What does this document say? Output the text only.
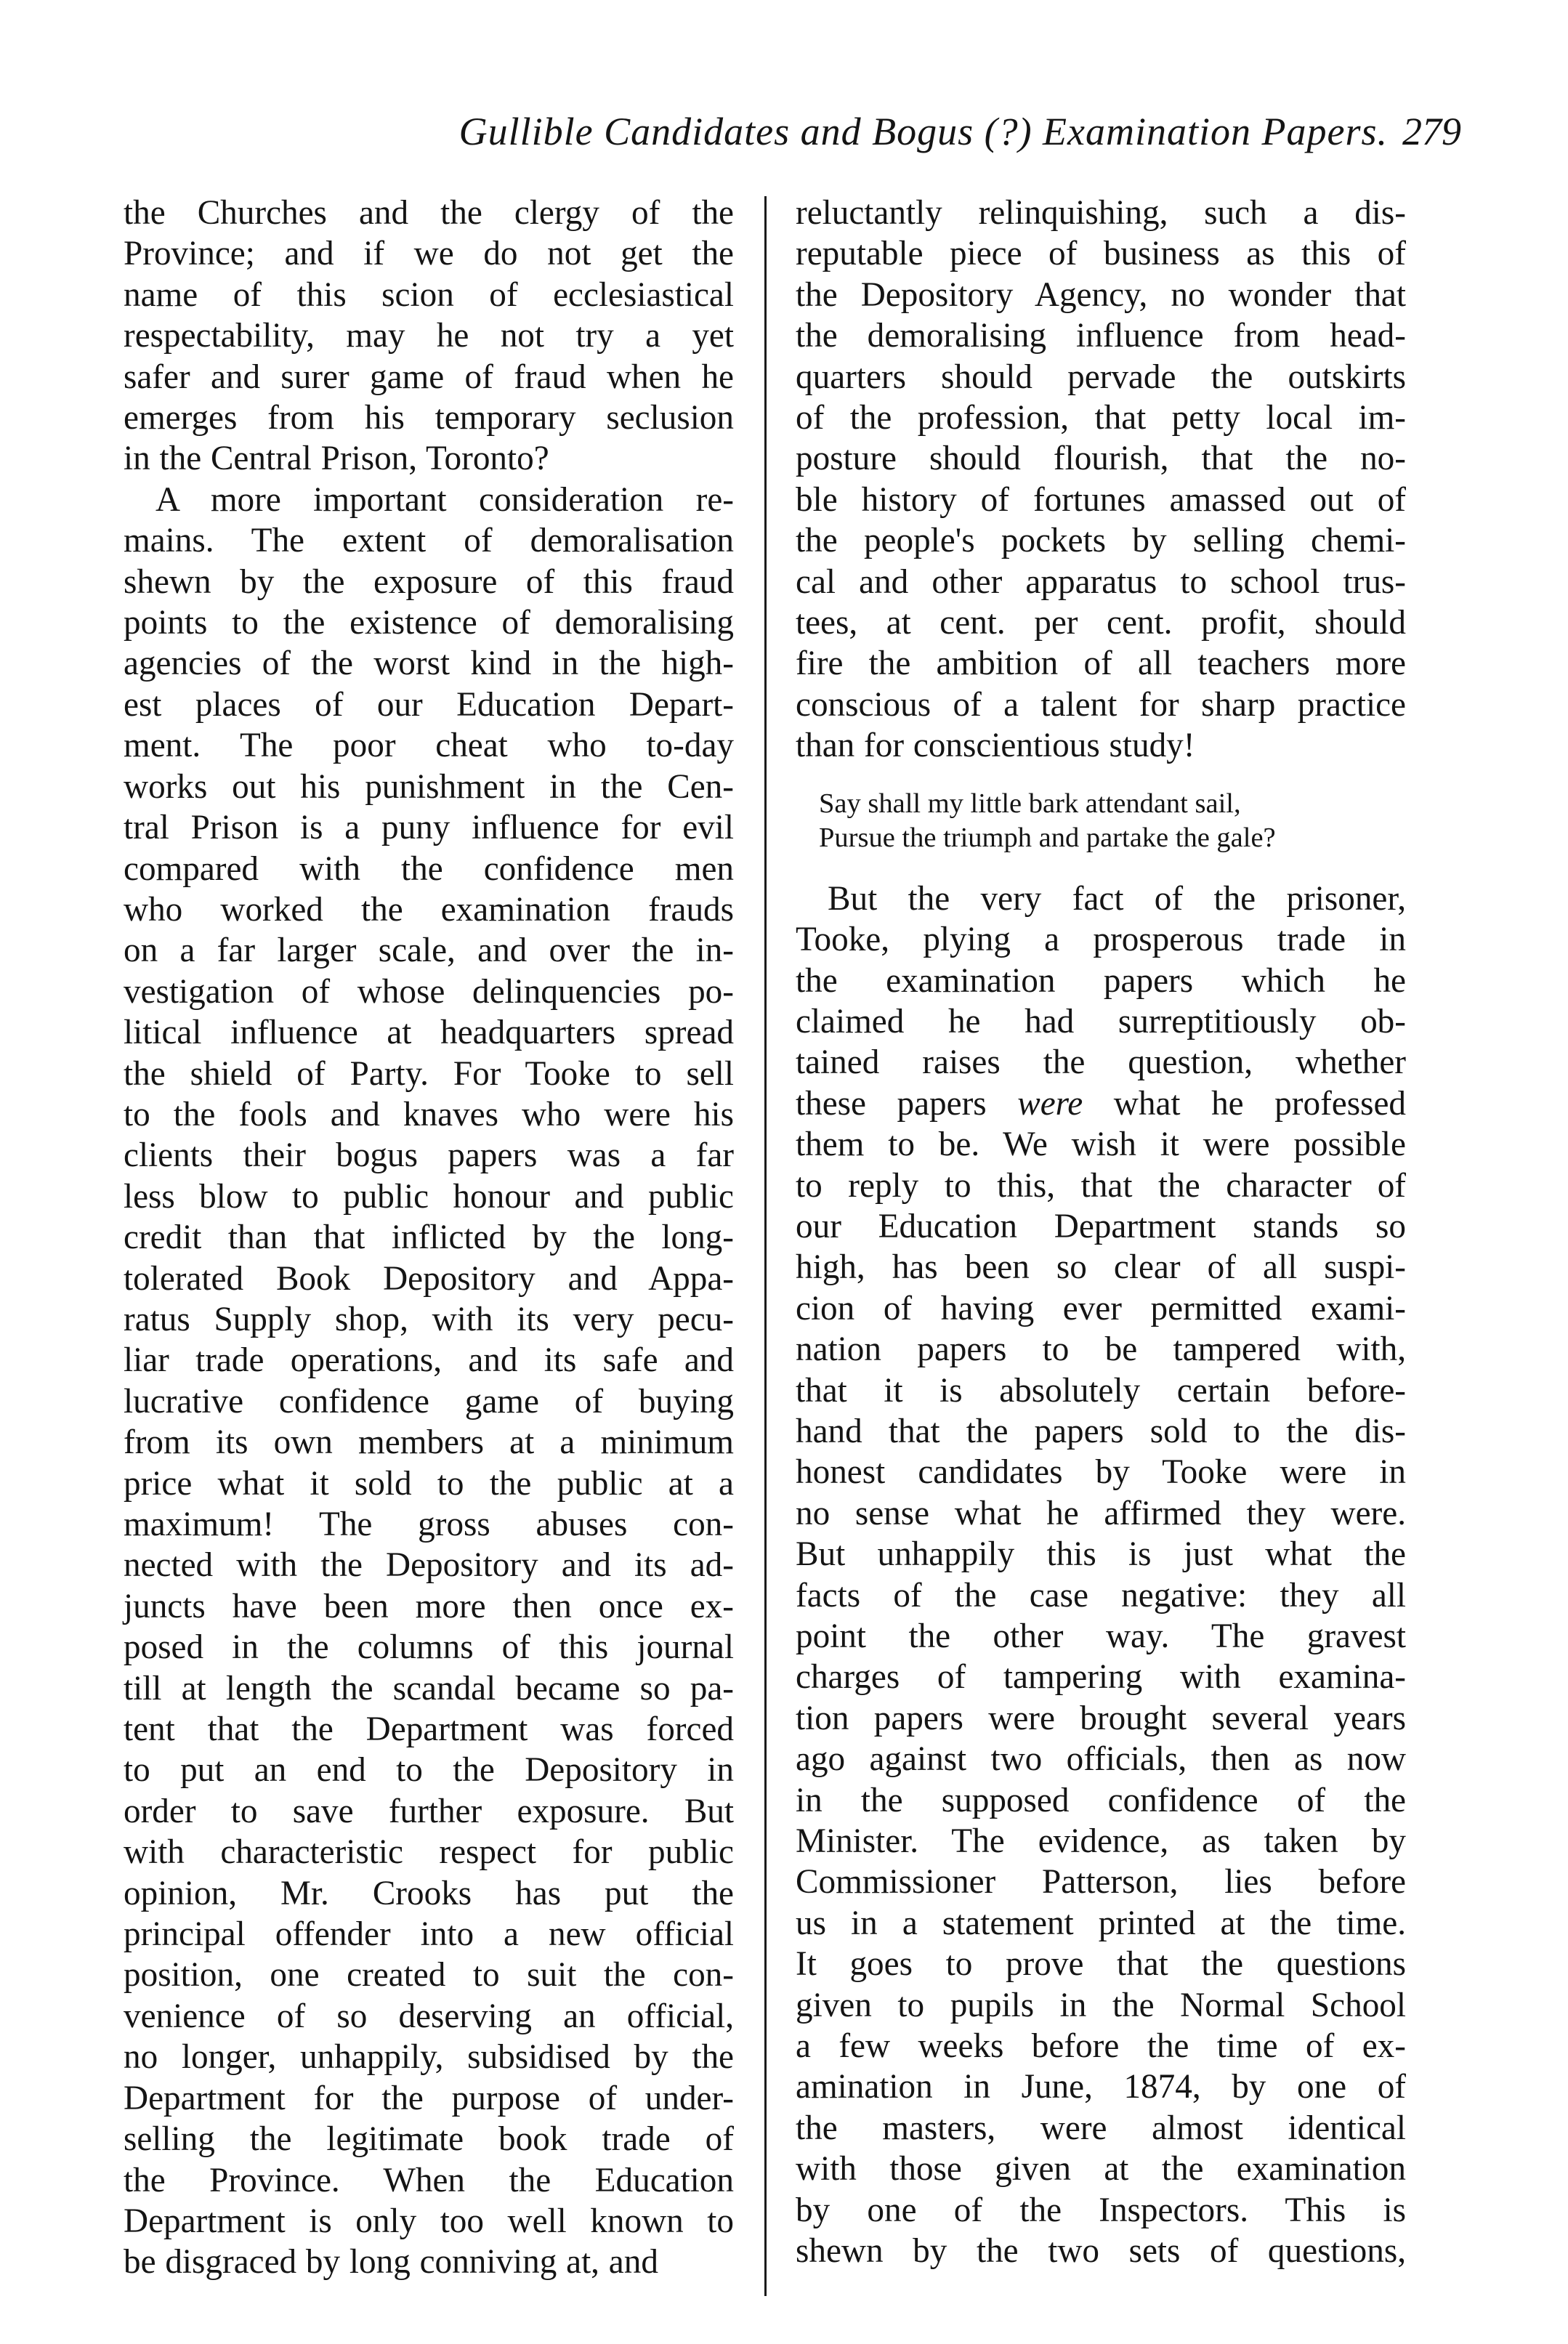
Gullible Candidates and Bogus (?) Examination Papers. 279

the Churches and the clergy of the

Province; and if we do not get the

name of this scion of ecclesiastical

respectability, may he not try a yet

safer and surer game of fraud when he

emerges from his temporary seclusion

in the Central Prison, Toronto?

A more important consideration re-

mains. The extent of demoralisation

shewn by the exposure of this fraud

points to the existence of demoralising

agencies of the worst kind in the high-

est places of our Education Depart-

ment. The poor cheat who to-day

works out his punishment in the Cen-

tral Prison is a puny influence for evil

compared with the confidence men

who worked the examination frauds

on a far larger scale, and over the in-

vestigation of whose delinquencies po-

litical influence at headquarters spread

the shield of Party. For Tooke to sell

to the fools and knaves who were his

clients their bogus papers was a far

less blow to public honour and public

credit than that inflicted by the long-

tolerated Book Depository and Appa-

ratus Supply shop, with its very pecu-

liar trade operations, and its safe and

lucrative confidence game of buying

from its own members at a minimum

price what it sold to the public at a

maximum! The gross abuses con-

nected with the Depository and its ad-

juncts have been more then once ex-

posed in the columns of this journal

till at length the scandal became so pa-

tent that the Department was forced

to put an end to the Depository in

order to save further exposure. But

with characteristic respect for public

opinion, Mr. Crooks has put the

principal offender into a new official

position, one created to suit the con-

venience of so deserving an official,

no longer, unhappily, subsidised by the

Department for the purpose of under-

selling the legitimate book trade of

the Province. When the Education

Department is only too well known to

be disgraced by long conniving at, and

reluctantly relinquishing, such a dis-

reputable piece of business as this of

the Depository Agency, no wonder that

the demoralising influence from head-

quarters should pervade the outskirts

of the profession, that petty local im-

posture should flourish, that the no-

ble history of fortunes amassed out of

the people's pockets by selling chemi-

cal and other apparatus to school trus-

tees, at cent. per cent. profit, should

fire the ambition of all teachers more

conscious of a talent for sharp practice

than for conscientious study!

Say shall my little bark attendant sail,
Pursue the triumph and partake the gale?

But the very fact of the prisoner,

Tooke, plying a prosperous trade in

the examination papers which he

claimed he had surreptitiously ob-

tained raises the question, whether

these papers were what he professed

them to be. We wish it were possible

to reply to this, that the character of

our Education Department stands so

high, has been so clear of all suspi-

cion of having ever permitted exami-

nation papers to be tampered with,

that it is absolutely certain before-

hand that the papers sold to the dis-

honest candidates by Tooke were in

no sense what he affirmed they were.

But unhappily this is just what the

facts of the case negative: they all

point the other way. The gravest

charges of tampering with examina-

tion papers were brought several years

ago against two officials, then as now

in the supposed confidence of the

Minister. The evidence, as taken by

Commissioner Patterson, lies before

us in a statement printed at the time.

It goes to prove that the questions

given to pupils in the Normal School

a few weeks before the time of ex-

amination in June, 1874, by one of

the masters, were almost identical

with those given at the examination

by one of the Inspectors. This is

shewn by the two sets of questions,
